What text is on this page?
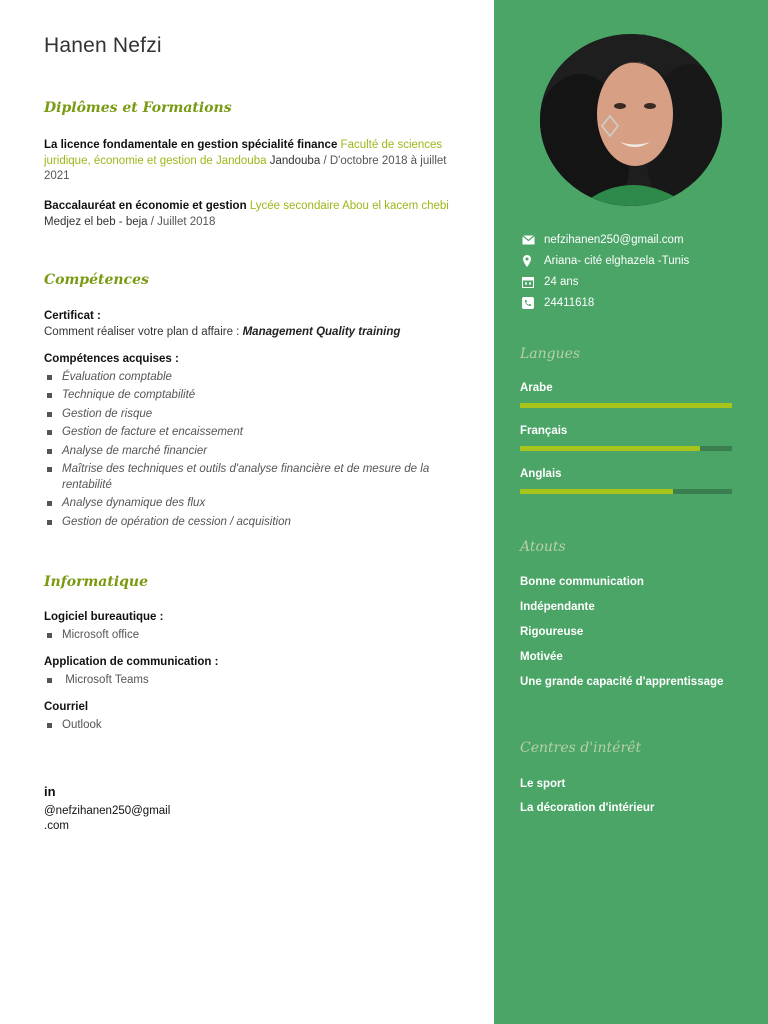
Hanen Nefzi
Diplômes et Formations
La licence fondamentale en gestion spécialité finance Faculté de sciences juridique, économie et gestion de Jandouba Jandouba / D'octobre 2018 à juillet 2021
Baccalauréat en économie et gestion Lycée secondaire Abou el kacem chebi Medjez el beb - beja / Juillet 2018
Compétences
Certificat :
Comment réaliser votre plan d affaire : Management Quality training
Compétences acquises :
Évaluation comptable
Technique de comptabilité
Gestion de risque
Gestion de facture et encaissement
Analyse de marché financier
Maîtrise des techniques et outils d'analyse financière et de mesure de la rentabilité
Analyse dynamique des flux
Gestion de opération de cession / acquisition
Informatique
Logiciel bureautique :
Microsoft office
Application de communication :
Microsoft Teams
Courriel
Outlook
in
@nefzihanen250@gmail
.com
nefzihanen250@gmail.com
Ariana- cité elghazela -Tunis
24 ans
24411618
Langues
Arabe
Français
Anglais
Atouts
Bonne communication
Indépendante
Rigoureuse
Motivée
Une grande capacité d'apprentissage
Centres d'intérêt
Le sport
La décoration d'intérieur
